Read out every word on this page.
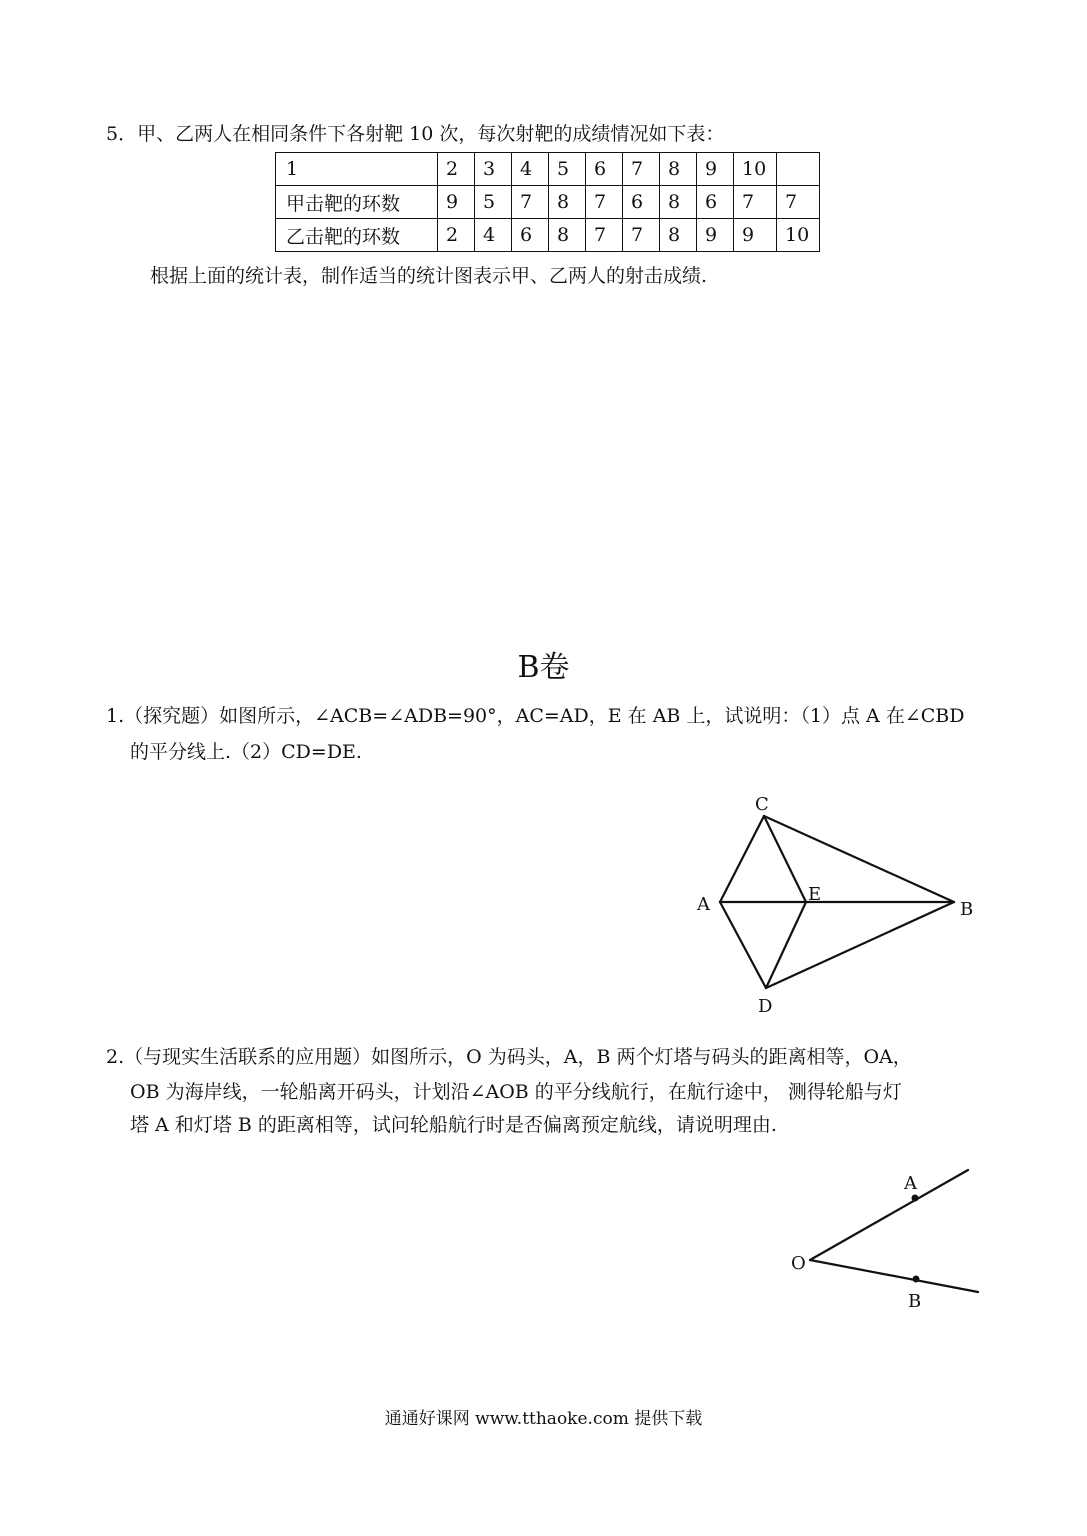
5．甲、乙两人在相同条件下各射靶 10 次，每次射靶的成绩情况如下表：
1	2	3	4	5	6	7	8	9	10	
甲击靶的环数	9	5	7	8	7	6	8	6	7	7
乙击靶的环数	2	4	6	8	7	7	8	9	9	10
根据上面的统计表，制作适当的统计图表示甲、乙两人的射击成绩.
B卷
1.（探究题）如图所示，∠ACB=∠ADB=90°，AC=AD，E 在 AB 上，试说明：（1）点 A 在∠CBD
的平分线上.（2）CD=DE.
C
A	E
B
D
O
A
B
2.（与现实生活联系的应用题）如图所示，O 为码头，A，B 两个灯塔与码头的距离相等，OA，
OB 为海岸线，一轮船离开码头，计划沿∠AOB 的平分线航行，在航行途中， 测得轮船与灯
塔 A 和灯塔 B 的距离相等，试问轮船航行时是否偏离预定航线，请说明理由.
通通好课网 www.tthaoke.com 提供下载
